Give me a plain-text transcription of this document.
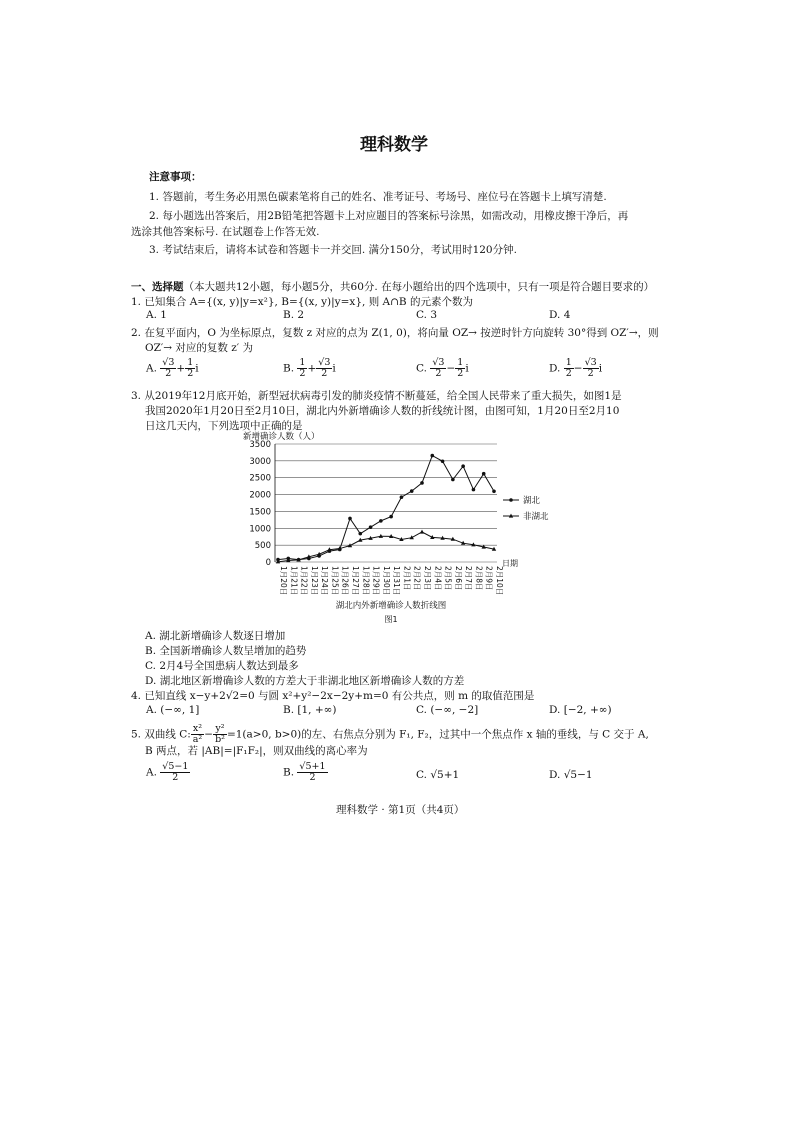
理科数学
注意事项：
1. 答题前，考生务必用黑色碳素笔将自己的姓名、准考证号、考场号、座位号在答题卡上填写清楚.
2. 每小题选出答案后，用2B铅笔把答题卡上对应题目的答案标号涂黑，如需改动，用橡皮擦干净后，再
选涂其他答案标号. 在试题卷上作答无效.
3. 考试结束后，请将本试卷和答题卡一并交回. 满分150分，考试用时120分钟.
一、选择题（本大题共12小题，每小题5分，共60分. 在每小题给出的四个选项中，只有一项是符合题目要求的）
1. 已知集合 A={(x, y)|y=x²}, B={(x, y)|y=x}, 则 A∩B 的元素个数为
A. 1	B. 2	C. 3	D. 4
2. 在复平面内，O 为坐标原点，复数 z 对应的点为 Z(1, 0)，将向量 OZ→ 按逆时针方向旋转 30°得到 OZ′→，则
OZ′→ 对应的复数 z′ 为
A. $\frac{√3}{2} + \frac{1}{2}$ i	B. $\frac{1}{2} + \frac{√3}{2}$ i	C. $\frac{√3}{2} - \frac{1}{2}$ i	D. $\frac{1}{2} - \frac{√3}{2}$ i
3. 从2019年12月底开始，新型冠状病毒引发的肺炎疫情不断蔓延，给全国人民带来了重大损失，如图1是
我国2020年1月20日至2月10日，湖北内外新增确诊人数的折线统计图，由图可知，1月20日至2月10
日这几天内，下列选项中正确的是
新增确诊人数（人）
0
500
1000
1500
2000
2500
3000
3500
1月20日 1月21日 1月22日 1月23日 1月24日 1月25日 1月26日 1月27日 1月28日 1月29日 1月30日 1月31日 2月1日 2月2日 2月3日 2月4日 2月5日 2月6日 2月7日 2月8日 2月9日 2月10日
日期
湖北
非湖北
湖北内外新增确诊人数折线图
图1
A. 湖北新增确诊人数逐日增加
B. 全国新增确诊人数呈增加的趋势
C. 2月4号全国患病人数达到最多
D. 湖北地区新增确诊人数的方差大于非湖北地区新增确诊人数的方差
4. 已知直线 x−y+2√2=0 与圆 x²+y²−2x−2y+m=0 有公共点，则 m 的取值范围是
A. (−∞, 1]	B. [1, +∞)	C. (−∞, −2]	D. [−2, +∞)
5. 双曲线 C: $\frac{\text{x²}}{\text{a²}} - \frac{\text{y²}}{\text{b²}} =1(a>0$, b>0)的左、右焦点分别为 F₁, F₂，过其中一个焦点作 x 轴的垂线，与 C 交于 A,
B 两点，若 |AB|=|F₁F₂|，则双曲线的离心率为
A. $\frac{√5-1}{2}$	B. $\frac{√5+1}{2}$	C. √5+1	D. √5−1
理科数学 · 第1页（共4页）
